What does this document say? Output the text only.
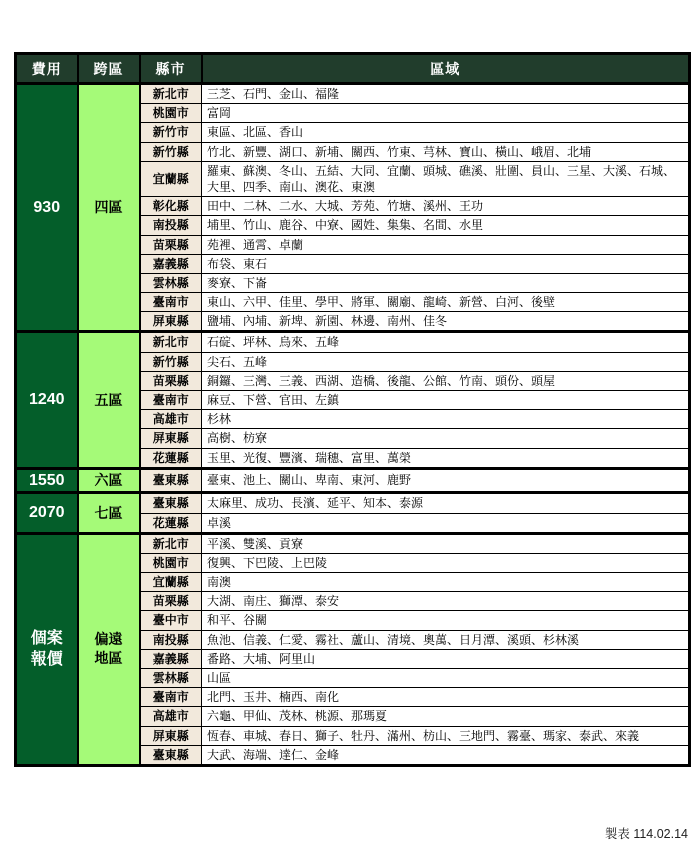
費用	跨區	縣市	區域
930	四區	新北市	三芝、石門、金山、福隆
		桃園市	富岡
		新竹市	東區、北區、香山
		新竹縣	竹北、新豐、湖口、新埔、關西、竹東、芎林、寶山、橫山、峨眉、北埔
		宜蘭縣	羅東、蘇澳、冬山、五結、大同、宜蘭、頭城、礁溪、壯圍、員山、三星、大溪、石城、大里、四季、南山、澳花、東澳
		彰化縣	田中、二林、二水、大城、芳苑、竹塘、溪州、王功
		南投縣	埔里、竹山、鹿谷、中寮、國姓、集集、名間、水里
		苗栗縣	苑裡、通霄、卓蘭
		嘉義縣	布袋、東石
		雲林縣	麥寮、下崙
		臺南市	東山、六甲、佳里、學甲、將軍、關廟、龍崎、新營、白河、後壁
		屏東縣	鹽埔、內埔、新埤、新園、林邊、南州、佳冬
1240	五區	新北市	石碇、坪林、烏來、五峰
		新竹縣	尖石、五峰
		苗栗縣	銅鑼、三灣、三義、西湖、造橋、後龍、公館、竹南、頭份、頭屋
		臺南市	麻豆、下營、官田、左鎮
		高雄市	杉林
		屏東縣	高樹、枋寮
		花蓮縣	玉里、光復、豐濱、瑞穗、富里、萬榮
1550	六區	臺東縣	臺東、池上、關山、卑南、東河、鹿野
2070	七區	臺東縣	太麻里、成功、長濱、延平、知本、泰源
		花蓮縣	卓溪
個案報價	偏遠地區	新北市	平溪、雙溪、貢寮
		桃園市	復興、下巴陵、上巴陵
		宜蘭縣	南澳
		苗栗縣	大湖、南庄、獅潭、泰安
		臺中市	和平、谷關
		南投縣	魚池、信義、仁愛、霧社、蘆山、清境、奧萬、日月潭、溪頭、杉林溪
		嘉義縣	番路、大埔、阿里山
		雲林縣	山區
		臺南市	北門、玉井、楠西、南化
		高雄市	六龜、甲仙、茂林、桃源、那瑪夏
		屏東縣	恆春、車城、春日、獅子、牡丹、滿州、枋山、三地門、霧臺、瑪家、泰武、來義
		臺東縣	大武、海端、達仁、金峰
製表 114.02.14
